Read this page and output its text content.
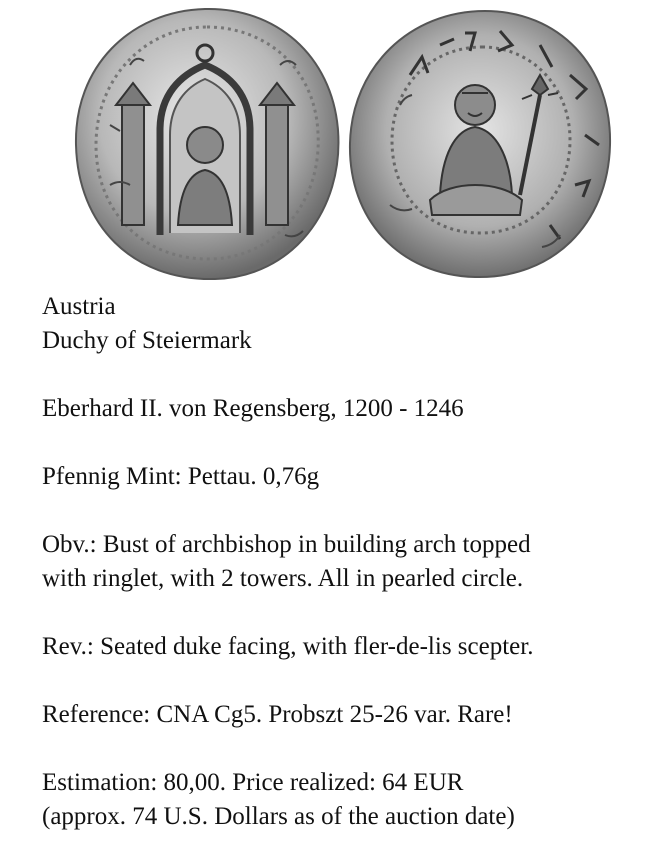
Austria

Duchy of Steiermark

Eberhard II. von Regensberg, 1200 - 1246

Pfennig Mint: Pettau. 0,76g

Obv.: Bust of archbishop in building arch topped

with ringlet, with 2 towers. All in pearled circle.

Rev.: Seated duke facing, with fler-de-lis scepter.

Reference: CNA Cg5. Probszt 25-26 var. Rare!

Estimation: 80,00. Price realized: 64 EUR

(approx. 74 U.S. Dollars as of the auction date)
